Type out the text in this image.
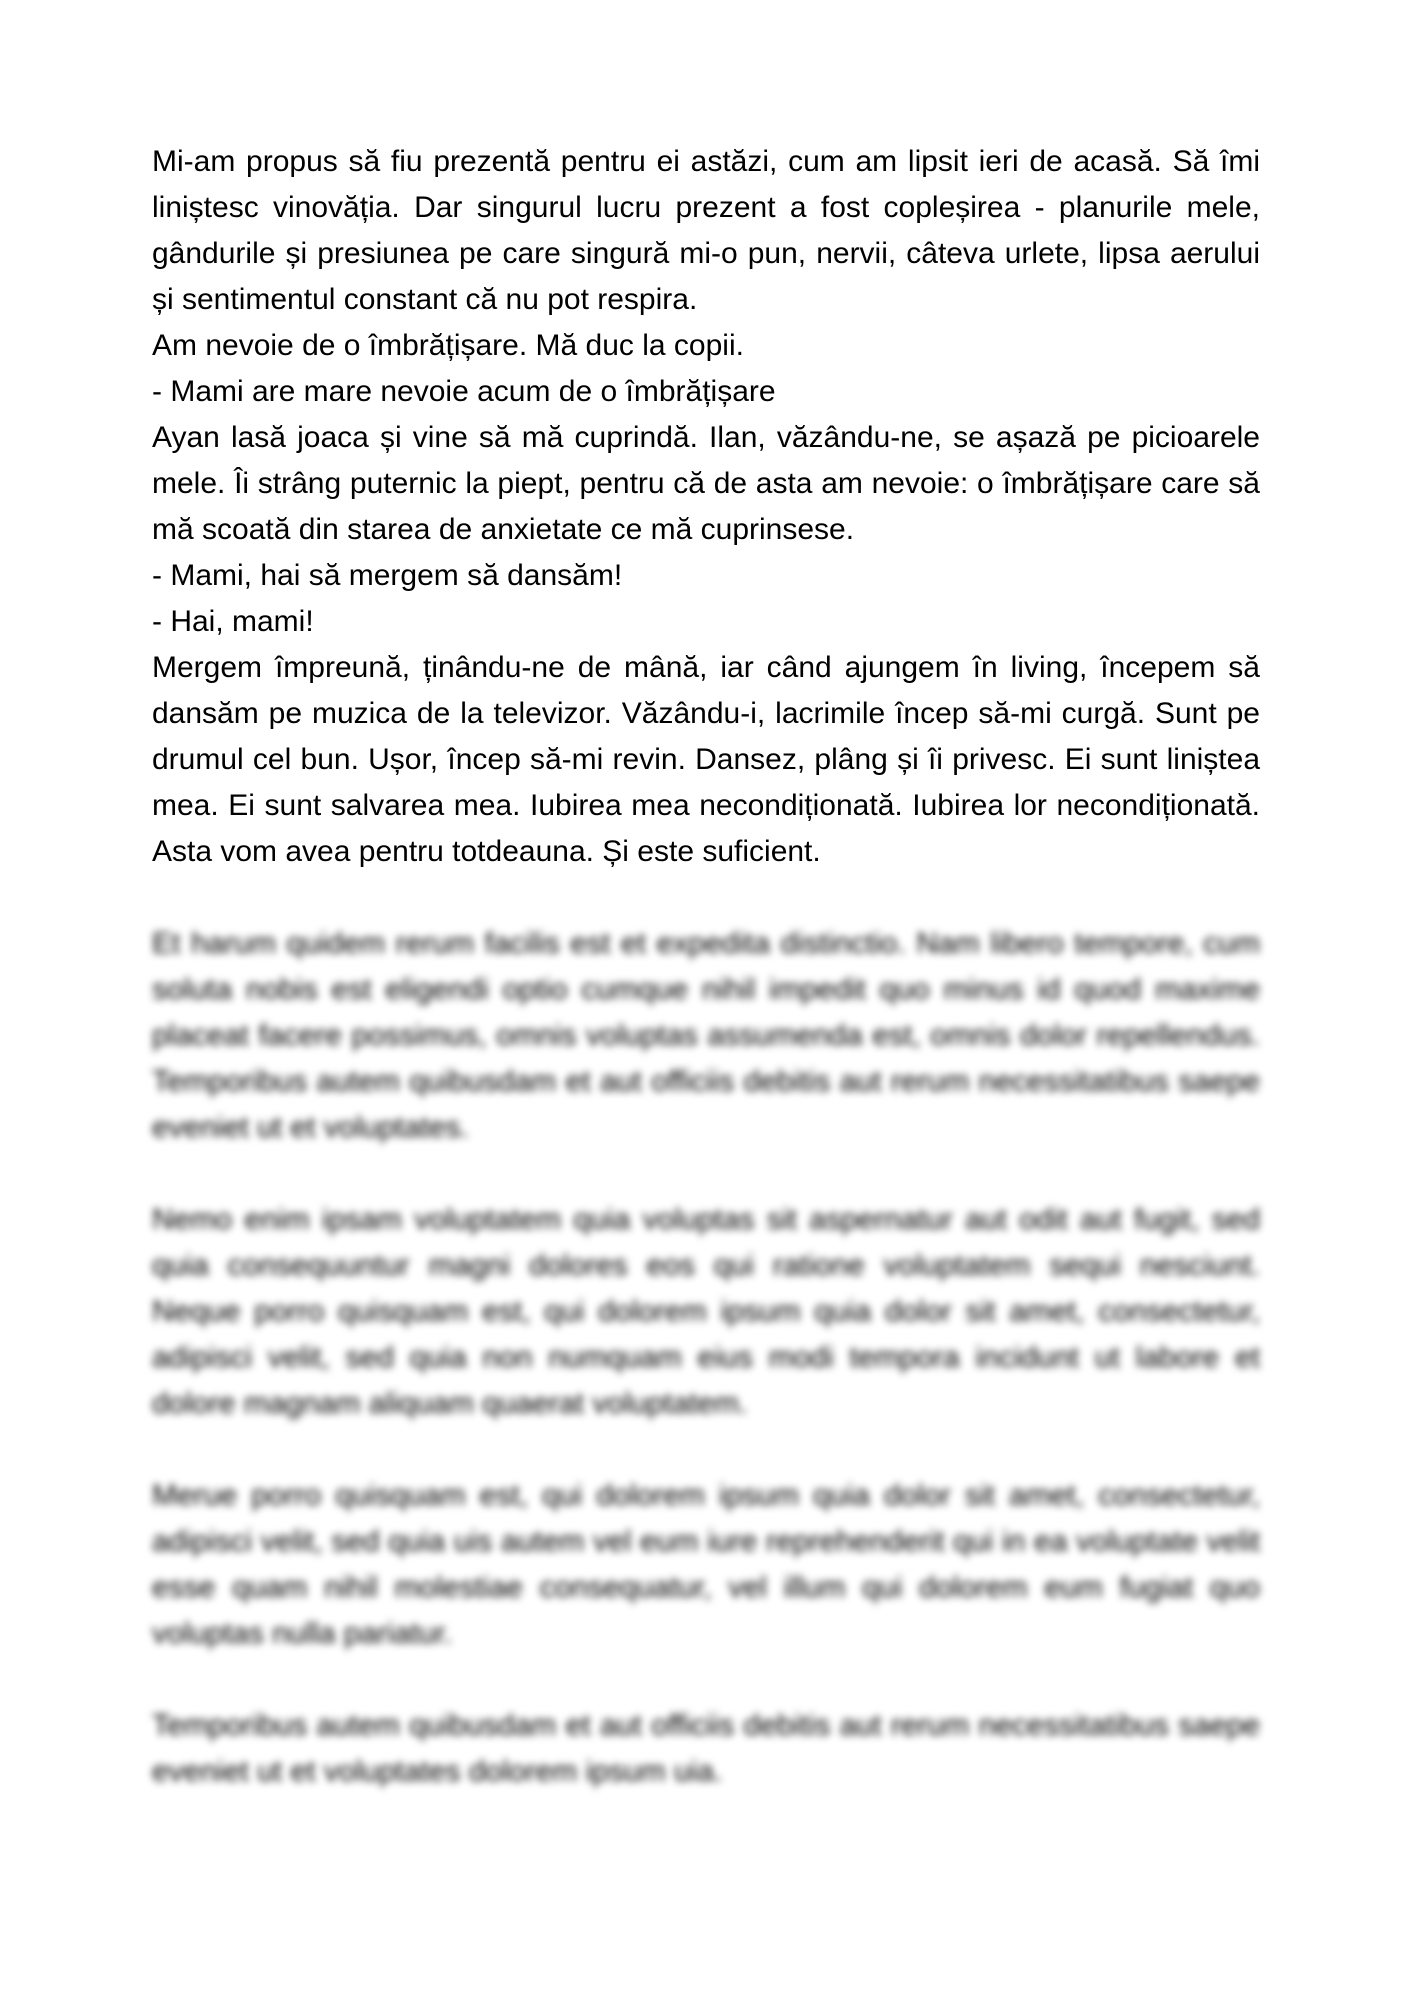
Mi-am propus să fiu prezentă pentru ei astăzi, cum am lipsit ieri de acasă. Să îmi liniștesc vinovăția. Dar singurul lucru prezent a fost copleșirea - planurile mele, gândurile și presiunea pe care singură mi-o pun, nervii, câteva urlete, lipsa aerului și sentimentul constant că nu pot respira.

Am nevoie de o îmbrățișare. Mă duc la copii.

- Mami are mare nevoie acum de o îmbrățișare

Ayan lasă joaca și vine să mă cuprindă. Ilan, văzându-ne, se așază pe picioarele mele. Îi strâng puternic la piept, pentru că de asta am nevoie: o îmbrățișare care să mă scoată din starea de anxietate ce mă cuprinsese.

- Mami, hai să mergem să dansăm!

- Hai, mami!

Mergem împreună, ținându-ne de mână, iar când ajungem în living, începem să dansăm pe muzica de la televizor. Văzându-i, lacrimile încep să-mi curgă. Sunt pe drumul cel bun. Ușor, încep să-mi revin. Dansez, plâng și îi privesc. Ei sunt liniștea mea. Ei sunt salvarea mea. Iubirea mea necondiționată. Iubirea lor necondiționată. Asta vom avea pentru totdeauna. Și este suficient.

Et harum quidem rerum facilis est et expedita distinctio. Nam libero tempore, cum soluta nobis est eligendi optio cumque nihil impedit quo minus id quod maxime placeat facere possimus, omnis voluptas assumenda est, omnis dolor repellendus. Temporibus autem quibusdam et aut officiis debitis aut rerum necessitatibus saepe eveniet ut et voluptates.

Nemo enim ipsam voluptatem quia voluptas sit aspernatur aut odit aut fugit, sed quia consequuntur magni dolores eos qui ratione voluptatem sequi nesciunt. Neque porro quisquam est, qui dolorem ipsum quia dolor sit amet, consectetur, adipisci velit, sed quia non numquam eius modi tempora incidunt ut labore et dolore magnam aliquam quaerat voluptatem.

Merue porro quisquam est, qui dolorem ipsum quia dolor sit amet, consectetur, adipisci velit, sed quia uis autem vel eum iure reprehenderit qui in ea voluptate velit esse quam nihil molestiae consequatur, vel illum qui dolorem eum fugiat quo voluptas nulla pariatur.

Temporibus autem quibusdam et aut officiis debitis aut rerum necessitatibus saepe eveniet ut et voluptates dolorem ipsum uia.
